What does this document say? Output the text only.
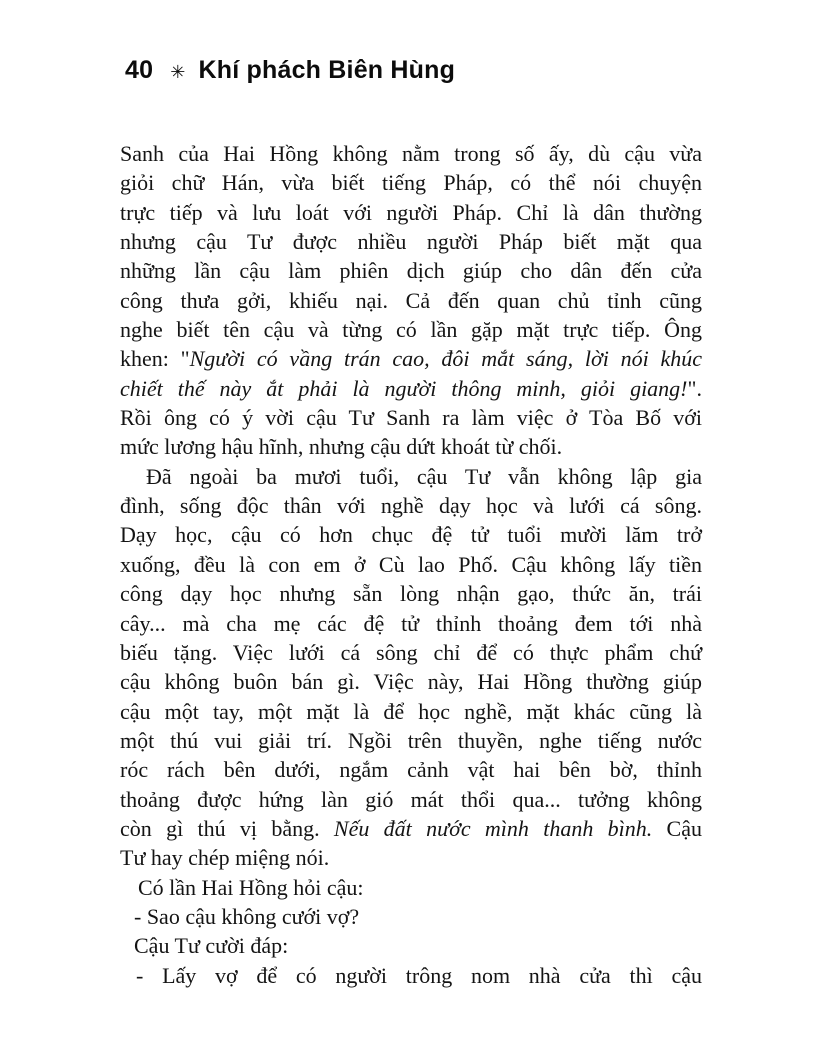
40 ✳ Khí phách Biên Hùng
Sanh của Hai Hồng không nằm trong số ấy, dù cậu vừa
giỏi chữ Hán, vừa biết tiếng Pháp, có thể nói chuyện
trực tiếp và lưu loát với người Pháp. Chỉ là dân thường
nhưng cậu Tư được nhiều người Pháp biết mặt qua
những lần cậu làm phiên dịch giúp cho dân đến cửa
công thưa gởi, khiếu nại. Cả đến quan chủ tỉnh cũng
nghe biết tên cậu và từng có lần gặp mặt trực tiếp. Ông
khen: "Người có vầng trán cao, đôi mắt sáng, lời nói khúc
chiết thế này ắt phải là người thông minh, giỏi giang!".
Rồi ông có ý vời cậu Tư Sanh ra làm việc ở Tòa Bố với
mức lương hậu hĩnh, nhưng cậu dứt khoát từ chối.
Đã ngoài ba mươi tuổi, cậu Tư vẫn không lập gia
đình, sống độc thân với nghề dạy học và lưới cá sông.
Dạy học, cậu có hơn chục đệ tử tuổi mười lăm trở
xuống, đều là con em ở Cù lao Phố. Cậu không lấy tiền
công dạy học nhưng sẵn lòng nhận gạo, thức ăn, trái
cây... mà cha mẹ các đệ tử thỉnh thoảng đem tới nhà
biếu tặng. Việc lưới cá sông chỉ để có thực phẩm chứ
cậu không buôn bán gì. Việc này, Hai Hồng thường giúp
cậu một tay, một mặt là để học nghề, mặt khác cũng là
một thú vui giải trí. Ngồi trên thuyền, nghe tiếng nước
róc rách bên dưới, ngắm cảnh vật hai bên bờ, thỉnh
thoảng được hứng làn gió mát thổi qua... tưởng không
còn gì thú vị bằng. Nếu đất nước mình thanh bình. Cậu
Tư hay chép miệng nói.
Có lần Hai Hồng hỏi cậu:
- Sao cậu không cưới vợ?
Cậu Tư cười đáp:
- Lấy vợ để có người trông nom nhà cửa thì cậu
